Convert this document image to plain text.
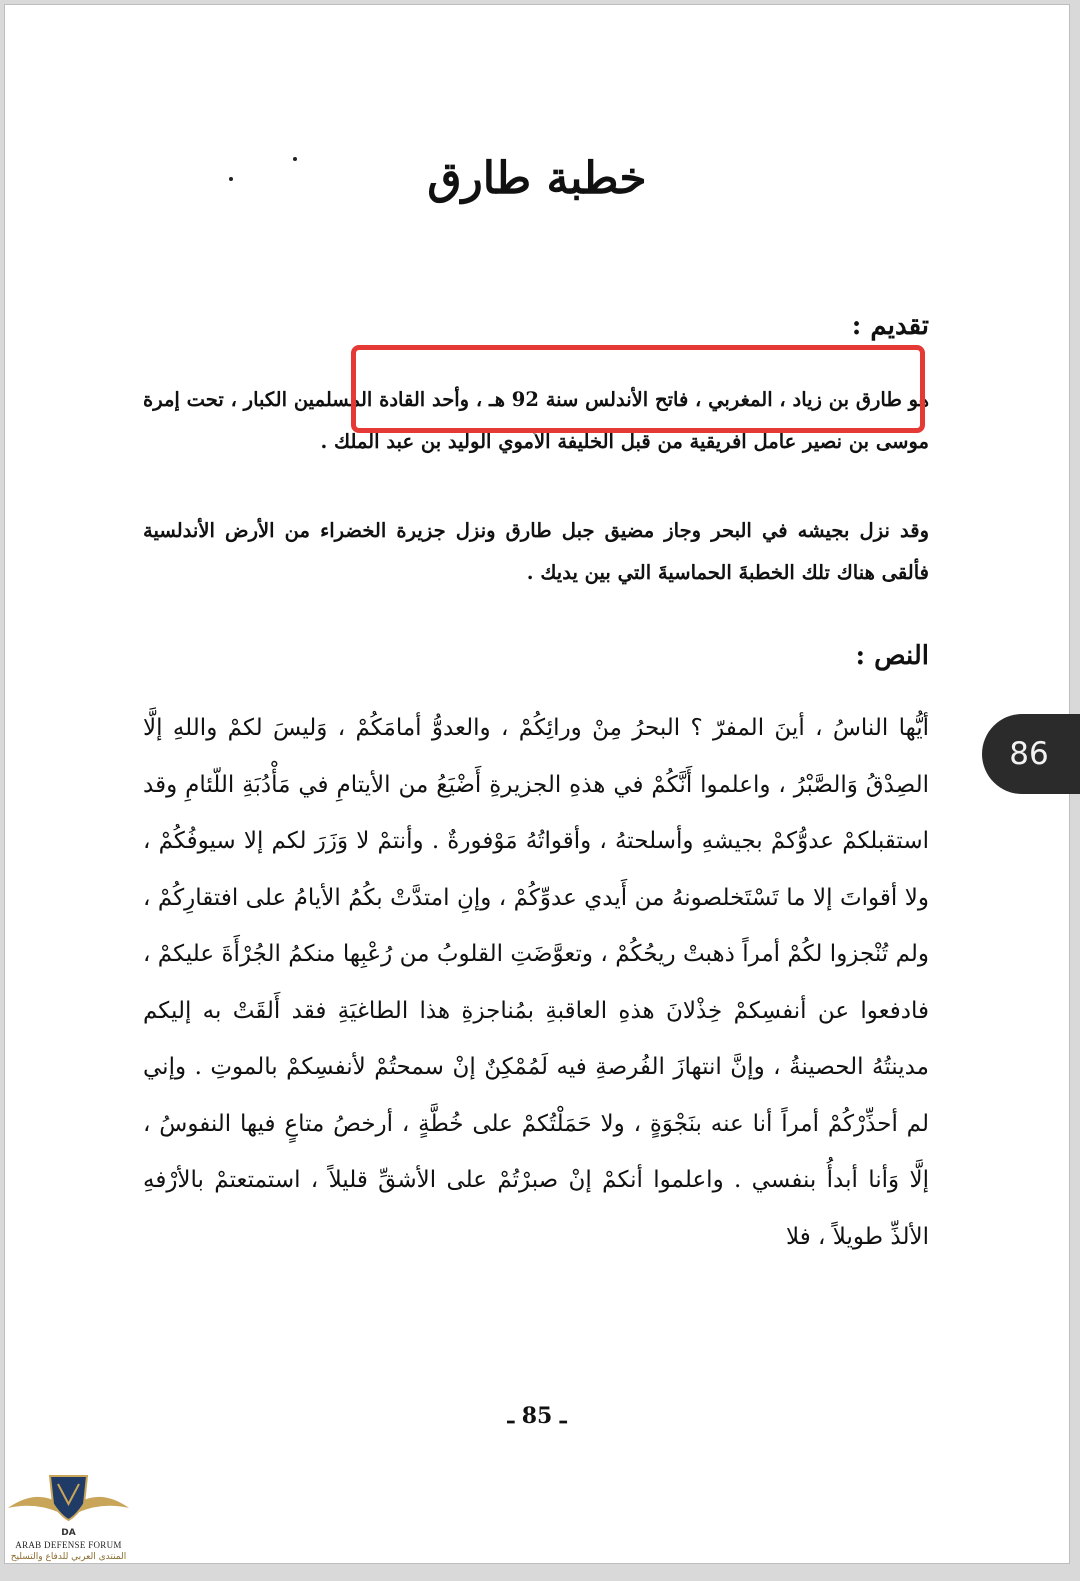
خطبة طارق
تقديم :
هو طارق بن زياد ، المغربي ، فاتح الأندلس سنة 92 هـ ، وأحد القادة المسلمين الكبار ، تحت إمرة موسى بن نصير عامل افريقية من قبل الخليفة الأموي الوليد بن عبد الملك .
وقد نزل بجيشه في البحر وجاز مضيق جبل طارق ونزل جزيرة الخضراء من الأرض الأندلسية فألقى هناك تلك الخطبةَ الحماسيةَ التي بين يديك .
النص :
أيُّها الناسُ ، أينَ المفرّ ؟ البحرُ مِنْ ورائِكُمْ ، والعدوُّ أمامَكُمْ ، وَليسَ لكمْ واللهِ إلَّا الصِدْقُ وَالصَّبْرُ ، واعلموا أَنَّكُمْ في هذهِ الجزيرةِ أَضْيَعُ من الأيتامِ في مَأْدُبَةِ اللّئامِ وقد استقبلكمْ عدوُّكمْ بجيشهِ وأسلحتهُ ، وأقواتُهُ مَوْفورةٌ . وأنتمْ لا وَزَرَ لكم إلا سيوفُكُمْ ، ولا أقواتَ إلا ما تَسْتَخلصونهُ من أَيدي عدوِّكُمْ ، وإنِ امتدَّتْ بكُمُ الأيامُ على افتقارِكُمْ ، ولم تُنْجزوا لكُمْ أمراً ذهبتْ ريحُكُمْ ، وتعوَّضَتِ القلوبُ من رُعْبِها منكمُ الجُرْأَةَ عليكمْ ، فادفعوا عن أنفسِكمْ خِذْلانَ هذهِ العاقبةِ بمُناجزةِ هذا الطاغيَةِ فقد أَلقَتْ به إليكم مدينتُهُ الحصينةُ ، وإنَّ انتهازَ الفُرصةِ فيه لَمُمْكِنٌ إنْ سمحتُمْ لأنفسِكمْ بالموتِ . وإني لم أحذِّرْكُمْ أمراً أنا عنه بنَجْوَةٍ ، ولا حَمَلْتُكمْ على خُطَّةٍ ، أرخصُ متاعٍ فيها النفوسُ ، إلَّا وَأنا أبدأُ بنفسي . واعلموا أنكمْ إنْ صبرْتُمْ على الأشقِّ قليلاً ، استمتعتمْ بالأرْفهِ الألذِّ طويلاً ، فلا
ـ 85 ـ
86
DA
ARAB DEFENSE FORUM
المنتدى العربي للدفاع والتسليح
